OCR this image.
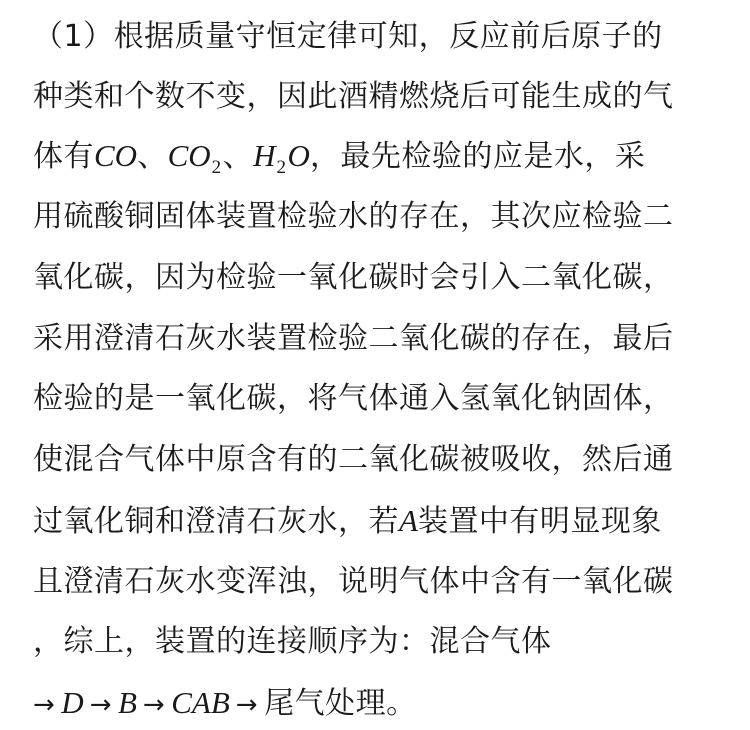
（1）根据质量守恒定律可知，反应前后原子的
种类和个数不变，因此酒精燃烧后可能生成的气
体有CO、$CO_2$、$H_2O$，最先检验的应是水，采
用硫酸铜固体装置检验水的存在，其次应检验二
氧化碳，因为检验一氧化碳时会引入二氧化碳，
采用澄清石灰水装置检验二氧化碳的存在，最后
检验的是一氧化碳，将气体通入氢氧化钠固体，
使混合气体中原含有的二氧化碳被吸收，然后通
过氧化铜和澄清石灰水，若A装置中有明显现象
且澄清石灰水变浑浊，说明气体中含有一氧化碳
，综上，装置的连接顺序为：混合气体
→ D → B → CAB → 尾气处理。
